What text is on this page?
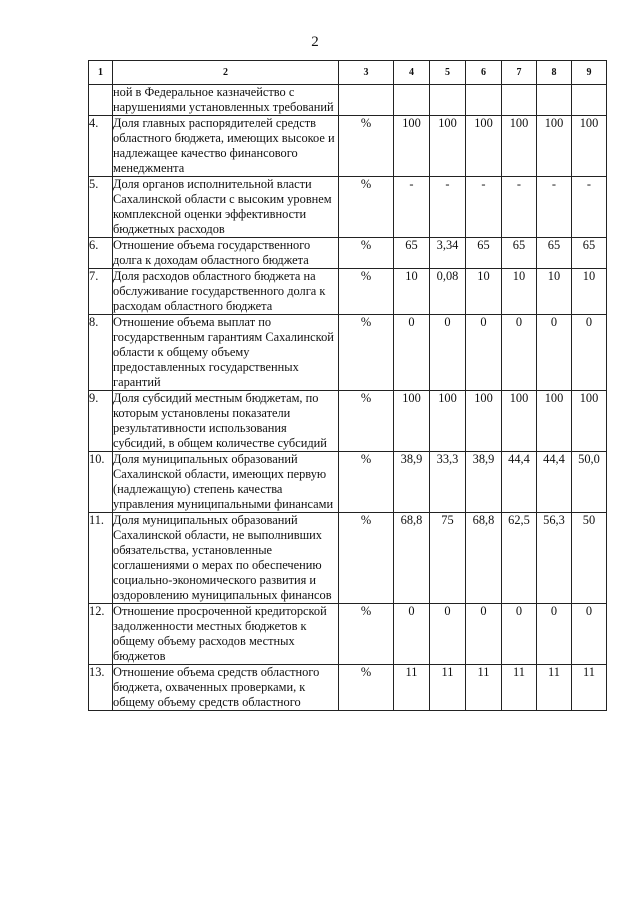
2
1	2	3	4	5	6	7	8	9
	ной в Федеральное казначейство с нарушениями установленных требований							
4.	Доля главных распорядителей средств областного бюджета, имеющих высокое и надлежащее качество финансового менеджмента	%	100	100	100	100	100	100
5.	Доля органов исполнительной власти Сахалинской области с высоким уровнем комплексной оценки эффективности бюджетных расходов	%	-	-	-	-	-	-
6.	Отношение объема государственного долга к доходам областного бюджета	%	65	3,34	65	65	65	65
7.	Доля расходов областного бюджета на обслуживание государственного долга к расходам областного бюджета	%	10	0,08	10	10	10	10
8.	Отношение объема выплат по государственным гарантиям Сахалинской области к общему объему предоставленных государственных гарантий	%	0	0	0	0	0	0
9.	Доля субсидий местным бюджетам, по которым установлены показатели результативности использования субсидий, в общем количестве субсидий	%	100	100	100	100	100	100
10.	Доля муниципальных образований Сахалинской области, имеющих первую (надлежащую) степень качества управления муниципальными финансами	%	38,9	33,3	38,9	44,4	44,4	50,0
11.	Доля муниципальных образований Сахалинской области, не выполнивших обязательства, установленные соглашениями о мерах по обеспечению социально-экономического развития и оздоровлению муниципальных финансов	%	68,8	75	68,8	62,5	56,3	50
12.	Отношение просроченной кредиторской задолженности местных бюджетов к общему объему расходов местных бюджетов	%	0	0	0	0	0	0
13.	Отношение объема средств областного бюджета, охваченных проверками, к общему объему средств областного	%	11	11	11	11	11	11
